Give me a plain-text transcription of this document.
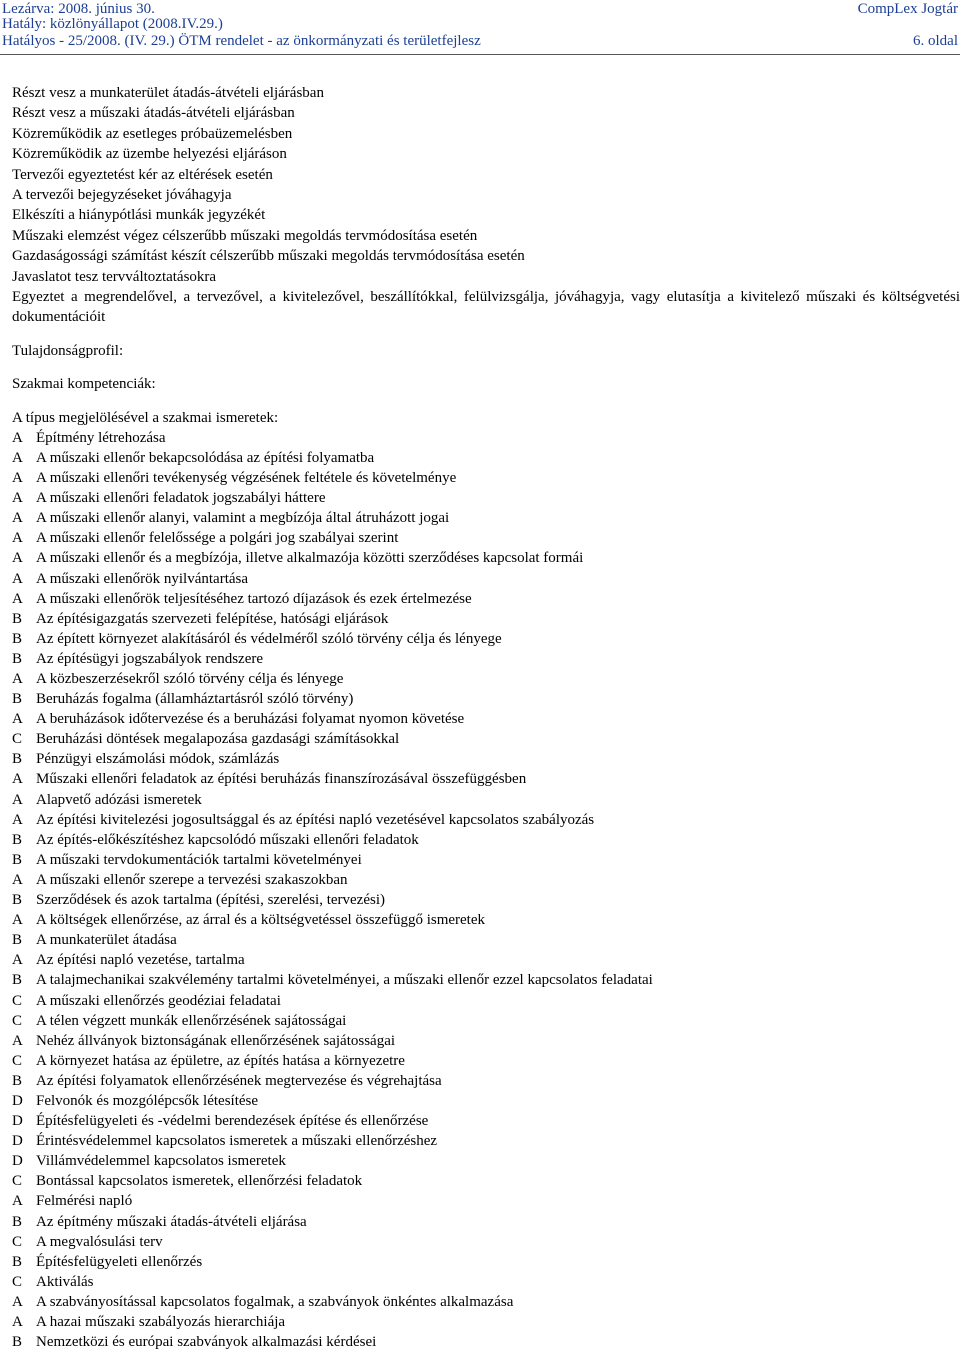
Lezárva: 2008. június 30.
Hatály: közlönyállapot (2008.IV.29.)
Hatályos - 25/2008. (IV. 29.) ÖTM rendelet - az önkormányzati és területfejlesz
CompLex Jogtár
6. oldal
Részt vesz a munkaterület átadás-átvételi eljárásban
Részt vesz a műszaki átadás-átvételi eljárásban
Közreműködik az esetleges próbaüzemelésben
Közreműködik az üzembe helyezési eljáráson
Tervezői egyeztetést kér az eltérések esetén
A tervezői bejegyzéseket jóváhagyja
Elkészíti a hiánypótlási munkák jegyzékét
Műszaki elemzést végez célszerűbb műszaki megoldás tervmódosítása esetén
Gazdaságossági számítást készít célszerűbb műszaki megoldás tervmódosítása esetén
Javaslatot tesz tervváltoztatásokra
Egyeztet a megrendelővel, a tervezővel, a kivitelezővel, beszállítókkal, felülvizsgálja, jóváhagyja, vagy elutasítja a kivitelező műszaki és költségvetési dokumentációit
Tulajdonságprofil:
Szakmai kompetenciák:
A típus megjelölésével a szakmai ismeretek:
A Építmény létrehozása
A A műszaki ellenőr bekapcsolódása az építési folyamatba
A A műszaki ellenőri tevékenység végzésének feltétele és követelménye
A A műszaki ellenőri feladatok jogszabályi háttere
A A műszaki ellenőr alanyi, valamint a megbízója által átruházott jogai
A A műszaki ellenőr felelőssége a polgári jog szabályai szerint
A A műszaki ellenőr és a megbízója, illetve alkalmazója közötti szerződéses kapcsolat formái
A A műszaki ellenőrök nyilvántartása
A A műszaki ellenőrök teljesítéséhez tartozó díjazások és ezek értelmezése
B Az építésigazgatás szervezeti felépítése, hatósági eljárások
B Az épített környezet alakításáról és védelméről szóló törvény célja és lényege
B Az építésügyi jogszabályok rendszere
A A közbeszerzésekről szóló törvény célja és lényege
B Beruházás fogalma (államháztartásról szóló törvény)
A A beruházások időtervezése és a beruházási folyamat nyomon követése
C Beruházási döntések megalapozása gazdasági számításokkal
B Pénzügyi elszámolási módok, számlázás
A Műszaki ellenőri feladatok az építési beruházás finanszírozásával összefüggésben
A Alapvető adózási ismeretek
A Az építési kivitelezési jogosultsággal és az építési napló vezetésével kapcsolatos szabályozás
B Az építés-előkészítéshez kapcsolódó műszaki ellenőri feladatok
B A műszaki tervdokumentációk tartalmi követelményei
A A műszaki ellenőr szerepe a tervezési szakaszokban
B Szerződések és azok tartalma (építési, szerelési, tervezési)
A A költségek ellenőrzése, az árral és a költségvetéssel összefüggő ismeretek
B A munkaterület átadása
A Az építési napló vezetése, tartalma
B A talajmechanikai szakvélemény tartalmi követelményei, a műszaki ellenőr ezzel kapcsolatos feladatai
C A műszaki ellenőrzés geodéziai feladatai
C A télen végzett munkák ellenőrzésének sajátosságai
A Nehéz állványok biztonságának ellenőrzésének sajátosságai
C A környezet hatása az épületre, az építés hatása a környezetre
B Az építési folyamatok ellenőrzésének megtervezése és végrehajtása
D Felvonók és mozgólépcsők létesítése
D Építésfelügyeleti és -védelmi berendezések építése és ellenőrzése
D Érintésvédelemmel kapcsolatos ismeretek a műszaki ellenőrzéshez
D Villámvédelemmel kapcsolatos ismeretek
C Bontással kapcsolatos ismeretek, ellenőrzési feladatok
A Felmérési napló
B Az építmény műszaki átadás-átvételi eljárása
C A megvalósulási terv
B Építésfelügyeleti ellenőrzés
C Aktiválás
A A szabványosítással kapcsolatos fogalmak, a szabványok önkéntes alkalmazása
A A hazai műszaki szabályozás hierarchiája
B Nemzetközi és európai szabványok alkalmazási kérdései
